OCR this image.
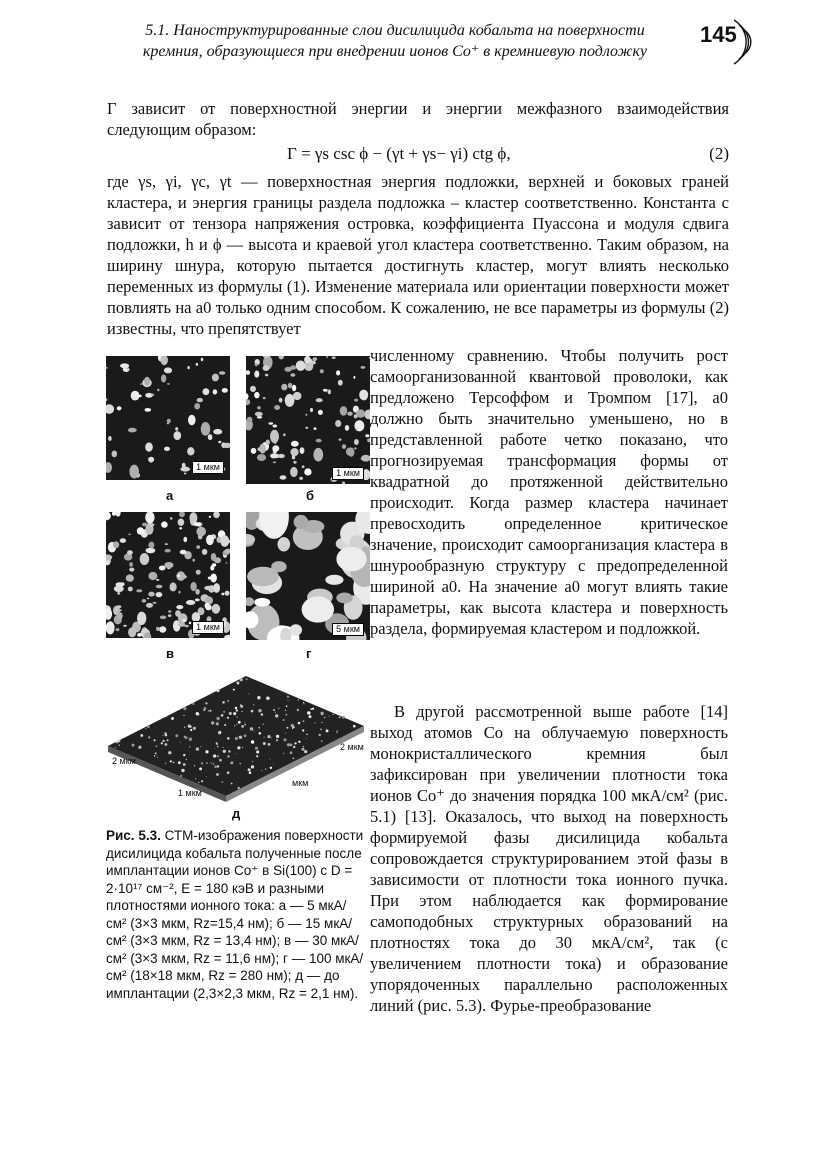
5.1. Наноструктурированные слои дисилицида кобальта на поверхности
кремния, образующиеся при внедрении ионов Co⁺ в кремниевую подложку
145

Г зависит от поверхностной энергии и энергии межфазного взаимодействия следующим образом:

Γ = γs csc ϕ − (γt + γs− γi) ctg ϕ,	(2)

где γs, γi, γc, γt — поверхностная энергия подложки, верхней и боковых граней кластера, и энергия границы раздела подложка – кластер соответственно. Константа c зависит от тензора напряжения островка, коэффициента Пуассона и модуля сдвига подложки, h и ϕ — высота и краевой угол кластера соответственно. Таким образом, на ширину шнура, которую пытается достигнуть кластер, могут влиять несколько переменных из формулы (1). Изменение материала или ориентации поверхности может повлиять на a0 только одним способом. К сожалению, не все параметры из формулы (2) известны, что препятствует

численному сравнению. Чтобы получить рост самоорганизованной квантовой проволоки, как предложено Терсоффом и Тромпом [17], a0 должно быть значительно уменьшено, но в представленной работе четко показано, что прогнозируемая трансформация формы от квадратной до протяженной действительно происходит. Когда размер кластера начинает превосходить определенное критическое значение, происходит самоорганизация кластера в шнурообразную структуру с предопределенной шириной a0. На значение a0 могут влиять такие параметры, как высота кластера и поверхность раздела, формируемая кластером и подложкой.

В другой рассмотренной выше работе [14] выход атомов Co на облучаемую поверхность монокристаллического кремния был зафиксирован при увеличении плотности тока ионов Co⁺ до значения порядка 100 мкА/см² (рис. 5.1) [13]. Оказалось, что выход на поверхность формируемой фазы дисилицида кобальта сопровождается структурированием этой фазы в зависимости от плотности тока ионного пучка. При этом наблюдается как формирование самоподобных структурных образований на плотностях тока до 30 мкА/см², так (с увеличением плотности тока) и образование упорядоченных параллельно расположенных линий (рис. 5.3). Фурье-преобразование

1 мкм
а
1 мкм
б
1 мкм
в
5 мкм
г
2 мкм
1 мкм
2 мкм
мкм
д

Рис. 5.3. СТМ-изображения поверхности дисилицида кобальта полученные после имплантации ионов Co⁺ в Si(100) с D = 2·10¹⁷ см⁻², E = 180 кэВ и разными плотностями ионного тока: а — 5 мкА/см² (3×3 мкм, Rz=15,4 нм); б — 15 мкА/см² (3×3 мкм, Rz = 13,4 нм); в — 30 мкА/см² (3×3 мкм, Rz = 11,6 нм); г — 100 мкА/см² (18×18 мкм, Rz = 280 нм); д — до имплантации (2,3×2,3 мкм, Rz = 2,1 нм).
